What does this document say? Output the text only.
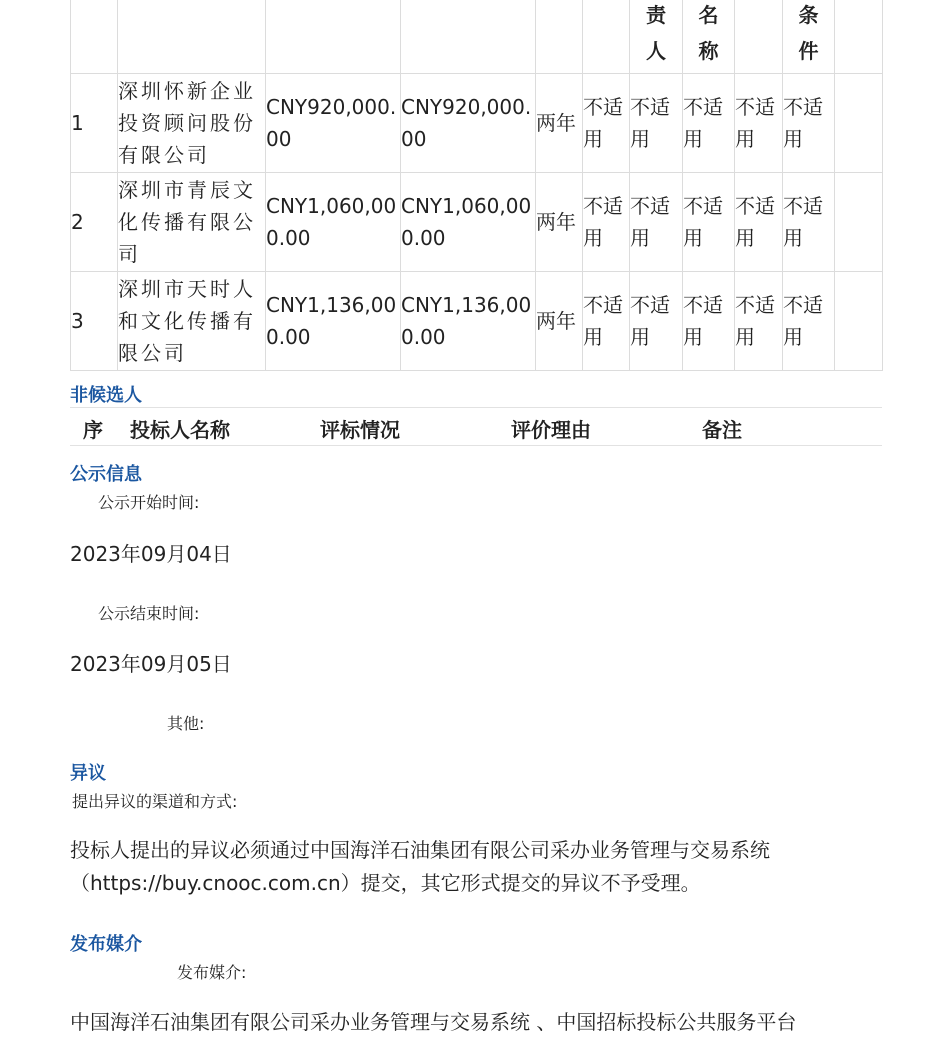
						责人	名称		条件	

1	深圳怀新企业投资顾问股份有限公司	CNY920,000.00	CNY920,000.00	两年	不适用	不适用	不适用	不适用	不适用	
2	深圳市青辰文化传播有限公司	CNY1,060,000.00	CNY1,060,000.00	两年	不适用	不适用	不适用	不适用	不适用	
3	深圳市天时人和文化传播有限公司	CNY1,136,000.00	CNY1,136,000.00	两年	不适用	不适用	不适用	不适用	不适用	
非候选人
序 投标人名称	评标情况	评价理由	备注
公示信息
公示开始时间:
2023年09月04日
公示结束时间:
2023年09月05日
其他:
异议
提出异议的渠道和方式:
投标人提出的异议必须通过中国海洋石油集团有限公司采办业务管理与交易系统（https://buy.cnooc.com.cn）提交，其它形式提交的异议不予受理。
发布媒介
发布媒介:
中国海洋石油集团有限公司采办业务管理与交易系统 、中国招标投标公共服务平台
